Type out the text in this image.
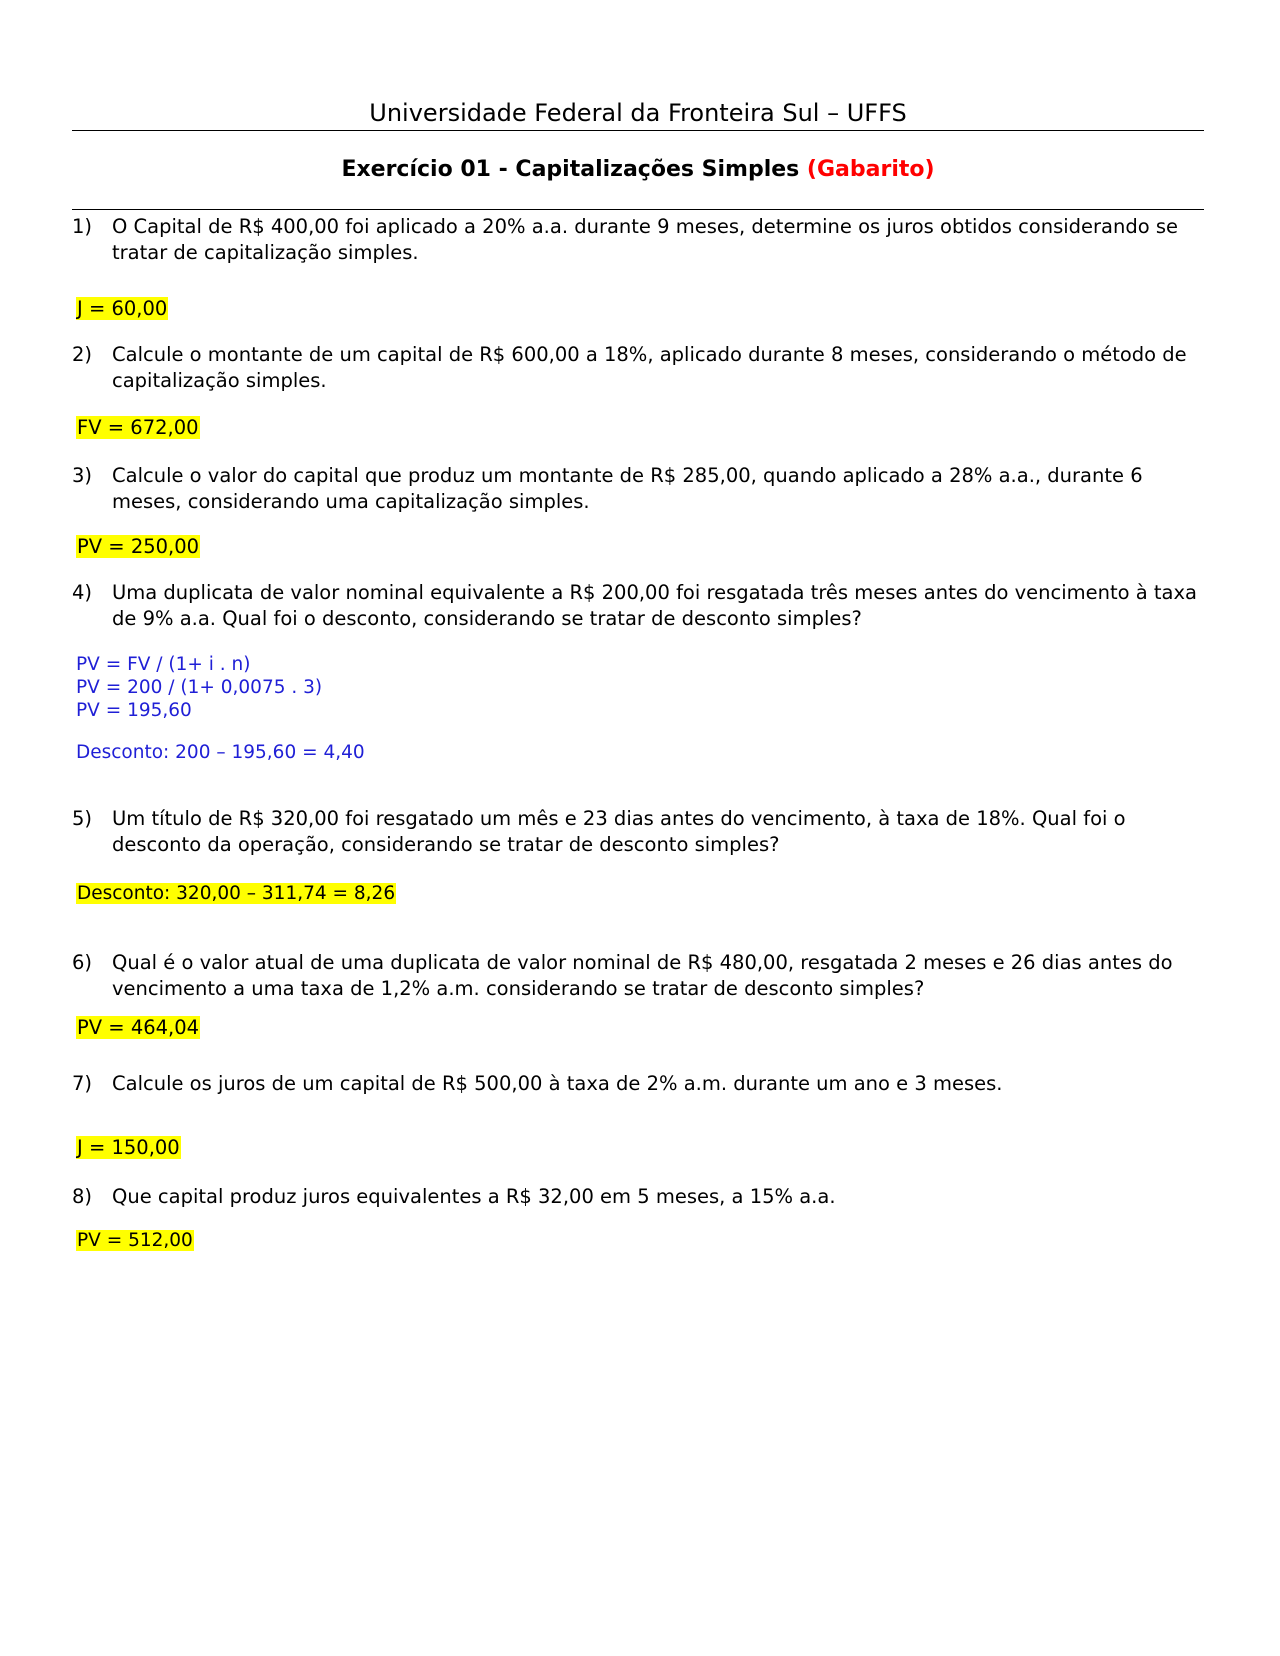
Universidade Federal da Fronteira Sul – UFFS
Exercício 01 - Capitalizações Simples (Gabarito)
1) O Capital de R$ 400,00 foi aplicado a 20% a.a. durante 9 meses, determine os juros obtidos considerando se tratar de capitalização simples.
J = 60,00
2) Calcule o montante de um capital de R$ 600,00 a 18%, aplicado durante 8 meses, considerando o método de capitalização simples.
FV = 672,00
3) Calcule o valor do capital que produz um montante de R$ 285,00, quando aplicado a 28% a.a., durante 6 meses, considerando uma capitalização simples.
PV = 250,00
4) Uma duplicata de valor nominal equivalente a R$ 200,00 foi resgatada três meses antes do vencimento à taxa de 9% a.a. Qual foi o desconto, considerando se tratar de desconto simples?
PV = FV / (1+ i . n)
PV = 200 / (1+ 0,0075 . 3)
PV = 195,60
Desconto: 200 – 195,60 = 4,40
5) Um título de R$ 320,00 foi resgatado um mês e 23 dias antes do vencimento, à taxa de 18%. Qual foi o desconto da operação, considerando se tratar de desconto simples?
Desconto: 320,00 – 311,74 = 8,26
6) Qual é o valor atual de uma duplicata de valor nominal de R$ 480,00, resgatada 2 meses e 26 dias antes do vencimento a uma taxa de 1,2% a.m. considerando se tratar de desconto simples?
PV = 464,04
7) Calcule os juros de um capital de R$ 500,00 à taxa de 2% a.m. durante um ano e 3 meses.
J = 150,00
8) Que capital produz juros equivalentes a R$ 32,00 em 5 meses, a 15% a.a.
PV = 512,00
